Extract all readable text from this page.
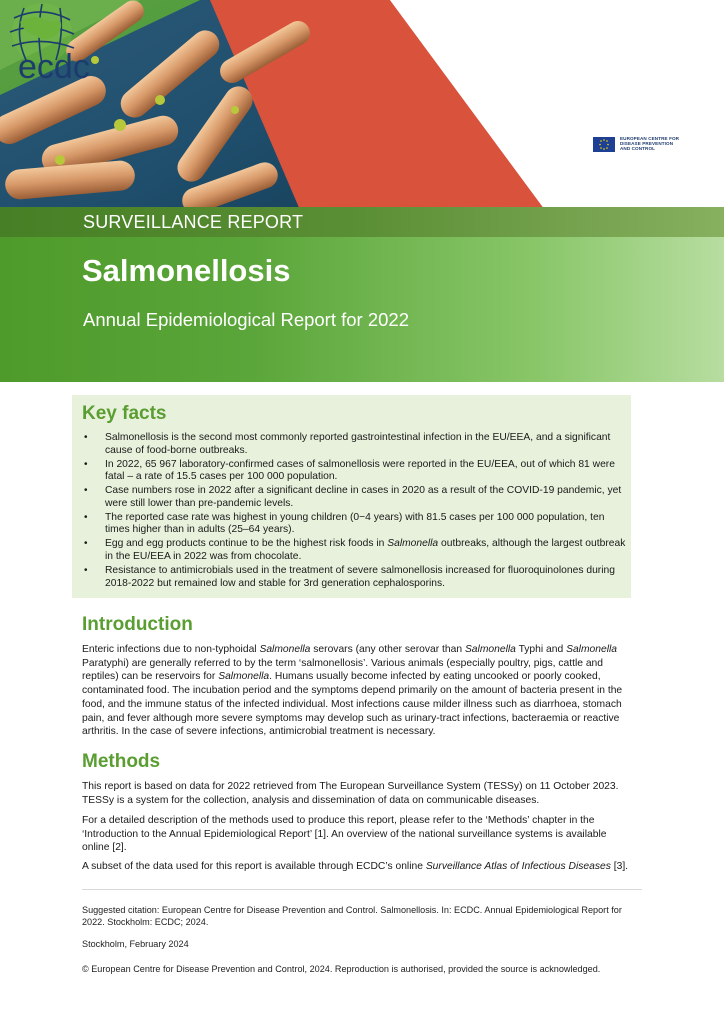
ecdc
EUROPEAN CENTRE FOR
DISEASE PREVENTION
AND CONTROL
SURVEILLANCE REPORT
Salmonellosis
Annual Epidemiological Report for 2022
Key facts
• Salmonellosis is the second most commonly reported gastrointestinal infection in the EU/EEA, and a significant cause of food-borne outbreaks.
• In 2022, 65 967 laboratory-confirmed cases of salmonellosis were reported in the EU/EEA, out of which 81 were fatal – a rate of 15.5 cases per 100 000 population.
• Case numbers rose in 2022 after a significant decline in cases in 2020 as a result of the COVID-19 pandemic, yet were still lower than pre-pandemic levels.
• The reported case rate was highest in young children (0−4 years) with 81.5 cases per 100 000 population, ten times higher than in adults (25–64 years).
• Egg and egg products continue to be the highest risk foods in Salmonella outbreaks, although the largest outbreak in the EU/EEA in 2022 was from chocolate.
• Resistance to antimicrobials used in the treatment of severe salmonellosis increased for fluoroquinolones during 2018-2022 but remained low and stable for 3rd generation cephalosporins.
Introduction

Enteric infections due to non-typhoidal Salmonella serovars (any other serovar than Salmonella Typhi and Salmonella Paratyphi) are generally referred to by the term ‘salmonellosis’. Various animals (especially poultry, pigs, cattle and reptiles) can be reservoirs for Salmonella. Humans usually become infected by eating uncooked or poorly cooked, contaminated food. The incubation period and the symptoms depend primarily on the amount of bacteria present in the food, and the immune status of the infected individual. Most infections cause milder illness such as diarrhoea, stomach pain, and fever although more severe symptoms may develop such as urinary-tract infections, bacteraemia or reactive arthritis. In the case of severe infections, antimicrobial treatment is necessary.

Methods

This report is based on data for 2022 retrieved from The European Surveillance System (TESSy) on 11 October 2023. TESSy is a system for the collection, analysis and dissemination of data on communicable diseases.

For a detailed description of the methods used to produce this report, please refer to the ‘Methods’ chapter in the ‘Introduction to the Annual Epidemiological Report’ [1]. An overview of the national surveillance systems is available online [2].

A subset of the data used for this report is available through ECDC’s online Surveillance Atlas of Infectious Diseases [3].

Suggested citation: European Centre for Disease Prevention and Control. Salmonellosis. In: ECDC. Annual Epidemiological Report for 2022. Stockholm: ECDC; 2024.

Stockholm, February 2024

© European Centre for Disease Prevention and Control, 2024. Reproduction is authorised, provided the source is acknowledged.
